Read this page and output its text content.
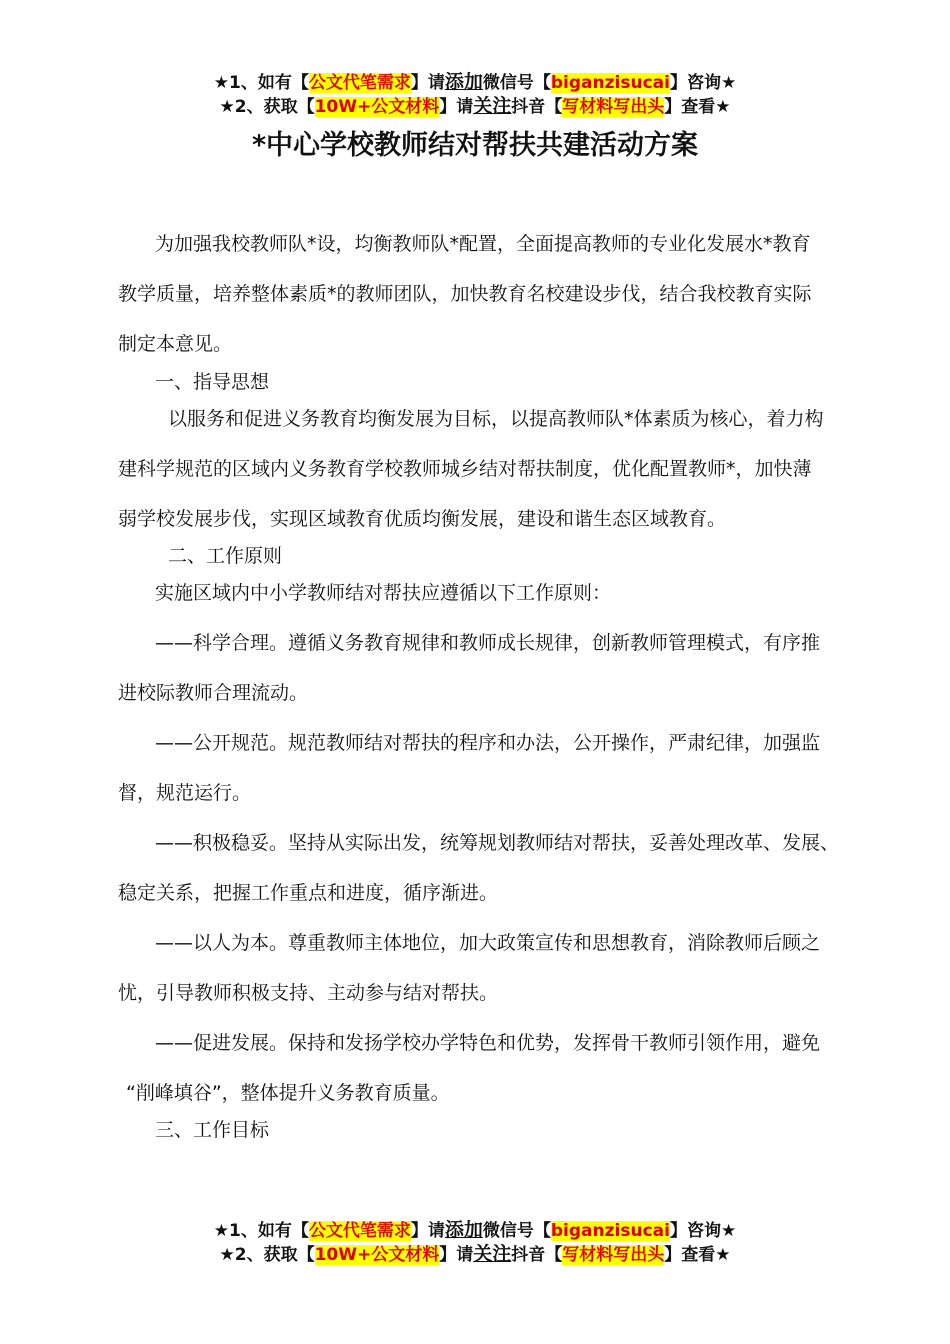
★1、如有【公文代笔需求】请添加微信号【biganzisucai】咨询★
★2、获取【10W+公文材料】请关注抖音【写材料写出头】查看★
*中心学校教师结对帮扶共建活动方案
为加强我校教师队*设，均衡教师队*配置，全面提高教师的专业化发展水*教育
教学质量，培养整体素质*的教师团队，加快教育名校建设步伐，结合我校教育实际
制定本意见。
一、指导思想
以服务和促进义务教育均衡发展为目标，以提高教师队*体素质为核心，着力构
建科学规范的区域内义务教育学校教师城乡结对帮扶制度，优化配置教师*，加快薄
弱学校发展步伐，实现区域教育优质均衡发展，建设和谐生态区域教育。
二、工作原则
实施区域内中小学教师结对帮扶应遵循以下工作原则：
——科学合理。遵循义务教育规律和教师成长规律，创新教师管理模式，有序推
进校际教师合理流动。
——公开规范。规范教师结对帮扶的程序和办法，公开操作，严肃纪律，加强监
督，规范运行。
——积极稳妥。坚持从实际出发，统筹规划教师结对帮扶，妥善处理改革、发展、
稳定关系，把握工作重点和进度，循序渐进。
——以人为本。尊重教师主体地位，加大政策宣传和思想教育，消除教师后顾之
忧，引导教师积极支持、主动参与结对帮扶。
——促进发展。保持和发扬学校办学特色和优势，发挥骨干教师引领作用，避免
“削峰填谷”，整体提升义务教育质量。
三、工作目标
★1、如有【公文代笔需求】请添加微信号【biganzisucai】咨询★
★2、获取【10W+公文材料】请关注抖音【写材料写出头】查看★
